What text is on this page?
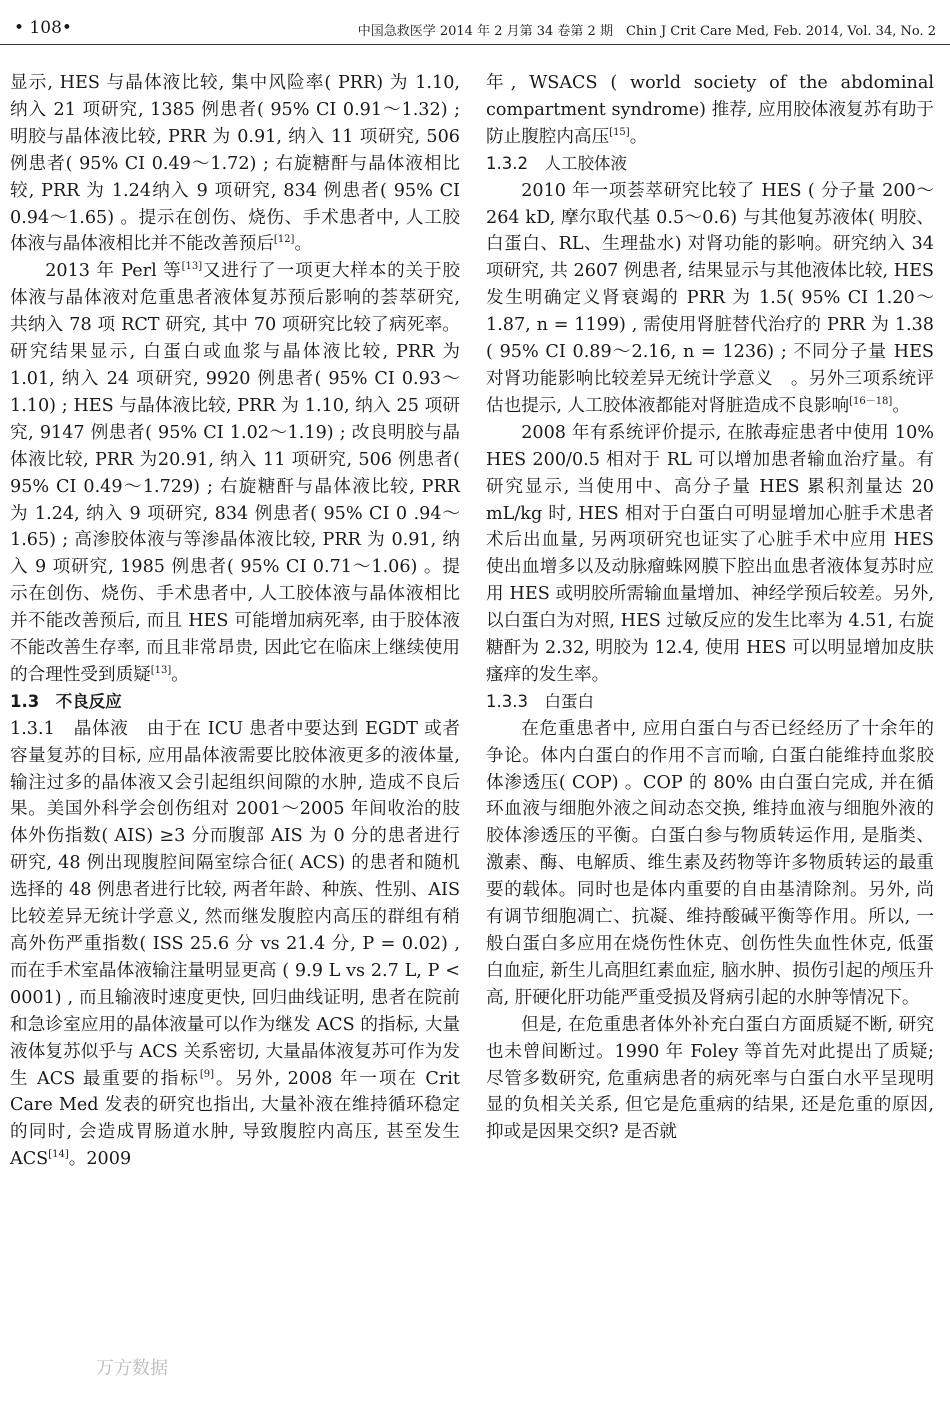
• 108•	中国急救医学 2014 年 2 月第 34 卷第 2 期　Chin J Crit Care Med, Feb. 2014, Vol. 34, No. 2

显示, HES 与晶体液比较, 集中风险率( PRR) 为 1.10, 纳入 21 项研究, 1385 例患者( 95% CI 0.91～1.32) ; 明胶与晶体液比较, PRR 为 0.91, 纳入 11 项研究, 506 例患者( 95% CI 0.49～1.72) ; 右旋糖酐与晶体液相比较, PRR 为 1.24纳入 9 项研究, 834 例患者( 95% CI 0.94～1.65) 。提示在创伤、烧伤、手术患者中, 人工胶体液与晶体液相比并不能改善预后[12]。

2013 年 Perl 等[13]又进行了一项更大样本的关于胶体液与晶体液对危重患者液体复苏预后影响的荟萃研究, 共纳入 78 项 RCT 研究, 其中 70 项研究比较了病死率。研究结果显示, 白蛋白或血浆与晶体液比较, PRR 为 1.01, 纳入 24 项研究, 9920 例患者( 95% CI 0.93～1.10) ; HES 与晶体液比较, PRR 为 1.10, 纳入 25 项研究, 9147 例患者( 95% CI 1.02～1.19) ; 改良明胶与晶体液比较, PRR 为20.91, 纳入 11 项研究, 506 例患者( 95% CI 0.49～1.729) ; 右旋糖酐与晶体液比较, PRR 为 1.24, 纳入 9 项研究, 834 例患者( 95% CI 0 .94～1.65) ; 高渗胶体液与等渗晶体液比较, PRR 为 0.91, 纳入 9 项研究, 1985 例患者( 95% CI 0.71～1.06) 。提示在创伤、烧伤、手术患者中, 人工胶体液与晶体液相比并不能改善预后, 而且 HES 可能增加病死率, 由于胶体液不能改善生存率, 而且非常昂贵, 因此它在临床上继续使用的合理性受到质疑[13]。

1.3　不良反应

1.3.1　晶体液　由于在 ICU 患者中要达到 EGDT 或者容量复苏的目标, 应用晶体液需要比胶体液更多的液体量, 输注过多的晶体液又会引起组织间隙的水肿, 造成不良后果。美国外科学会创伤组对 2001～2005 年间收治的肢体外伤指数( AIS) ≥3 分而腹部 AIS 为 0 分的患者进行研究, 48 例出现腹腔间隔室综合征( ACS) 的患者和随机选择的 48 例患者进行比较, 两者年龄、种族、性别、AIS 比较差异无统计学意义, 然而继发腹腔内高压的群组有稍高外伤严重指数( ISS 25.6 分 vs 21.4 分, P = 0.02) , 而在手术室晶体液输注量明显更高 ( 9.9 L vs 2.7 L, P < 0001) , 而且输液时速度更快, 回归曲线证明, 患者在院前和急诊室应用的晶体液量可以作为继发 ACS 的指标, 大量液体复苏似乎与 ACS 关系密切, 大量晶体液复苏可作为发生 ACS 最重要的指标[9]。另外, 2008 年一项在 Crit Care Med 发表的研究也指出, 大量补液在维持循环稳定的同时, 会造成胃肠道水肿, 导致腹腔内高压, 甚至发生 ACS[14]。2009

年, WSACS ( world society of the abdominal compartment syndrome) 推荐, 应用胶体液复苏有助于防止腹腔内高压[15]。

1.3.2　人工胶体液

2010 年一项荟萃研究比较了 HES ( 分子量 200～264 kD, 摩尔取代基 0.5～0.6) 与其他复苏液体( 明胶、白蛋白、RL、生理盐水) 对肾功能的影响。研究纳入 34 项研究, 共 2607 例患者, 结果显示与其他液体比较, HES 发生明确定义肾衰竭的 PRR 为 1.5( 95% CI 1.20～1.87, n = 1199) , 需使用肾脏替代治疗的 PRR 为 1.38 ( 95% CI 0.89～2.16, n = 1236) ; 不同分子量 HES 对肾功能影响比较差异无统计学意义　。另外三项系统评估也提示, 人工胶体液都能对肾脏造成不良影响[16－18]。

2008 年有系统评价提示, 在脓毒症患者中使用 10% HES 200/0.5 相对于 RL 可以增加患者输血治疗量。有研究显示, 当使用中、高分子量 HES 累积剂量达 20 mL/kg 时, HES 相对于白蛋白可明显增加心脏手术患者术后出血量, 另两项研究也证实了心脏手术中应用 HES 使出血增多以及动脉瘤蛛网膜下腔出血患者液体复苏时应用 HES 或明胶所需输血量增加、神经学预后较差。另外, 以白蛋白为对照, HES 过敏反应的发生比率为 4.51, 右旋糖酐为 2.32, 明胶为 12.4, 使用 HES 可以明显增加皮肤瘙痒的发生率。

1.3.3　白蛋白

在危重患者中, 应用白蛋白与否已经经历了十余年的争论。体内白蛋白的作用不言而喻, 白蛋白能维持血浆胶体渗透压( COP) 。COP 的 80% 由白蛋白完成, 并在循环血液与细胞外液之间动态交换, 维持血液与细胞外液的胶体渗透压的平衡。白蛋白参与物质转运作用, 是脂类、激素、酶、电解质、维生素及药物等许多物质转运的最重要的载体。同时也是体内重要的自由基清除剂。另外, 尚有调节细胞凋亡、抗凝、维持酸碱平衡等作用。所以, 一般白蛋白多应用在烧伤性休克、创伤性失血性休克, 低蛋白血症, 新生儿高胆红素血症, 脑水肿、损伤引起的颅压升高, 肝硬化肝功能严重受损及肾病引起的水肿等情况下。

但是, 在危重患者体外补充白蛋白方面质疑不断, 研究也未曾间断过。1990 年 Foley 等首先对此提出了质疑; 尽管多数研究, 危重病患者的病死率与白蛋白水平呈现明显的负相关关系, 但它是危重病的结果, 还是危重的原因, 抑或是因果交织? 是否就

万方数据
